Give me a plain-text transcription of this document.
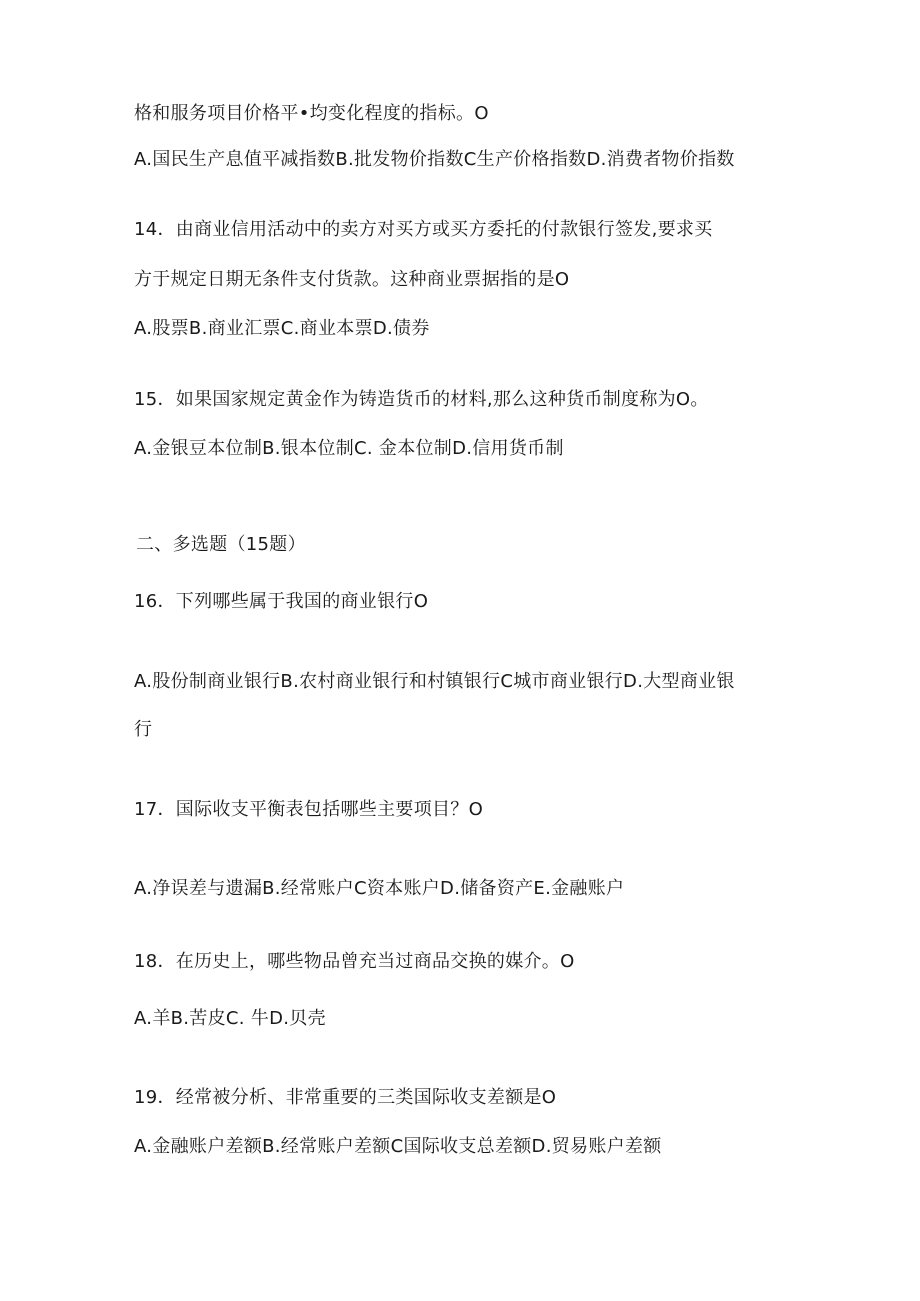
格和服务项目价格平•均变化程度的指标。O
A.国民生产息值平减指数B.批发物价指数C生产价格指数D.消费者物价指数
14．由商业信用活动中的卖方对买方或买方委托的付款银行签发,要求买
方于规定日期无条件支付货款。这种商业票据指的是O
A.股票B.商业汇票C.商业本票D.债券
15．如果国家规定黄金作为铸造货币的材料,那么这种货币制度称为O。
A.金银豆本位制B.银本位制C. 金本位制D.信用货币制
二、多选题（15题）
16．下列哪些属于我国的商业银行O
A.股份制商业银行B.农村商业银行和村镇银行C城市商业银行D.大型商业银
行
17．国际收支平衡表包括哪些主要项目？O
A.净误差与遗漏B.经常账户C资本账户D.储备资产E.金融账户
18．在历史上，哪些物品曾充当过商品交换的媒介。O
A.羊B.苦皮C. 牛D.贝壳
19．经常被分析、非常重要的三类国际收支差额是O
A.金融账户差额B.经常账户差额C国际收支总差额D.贸易账户差额
